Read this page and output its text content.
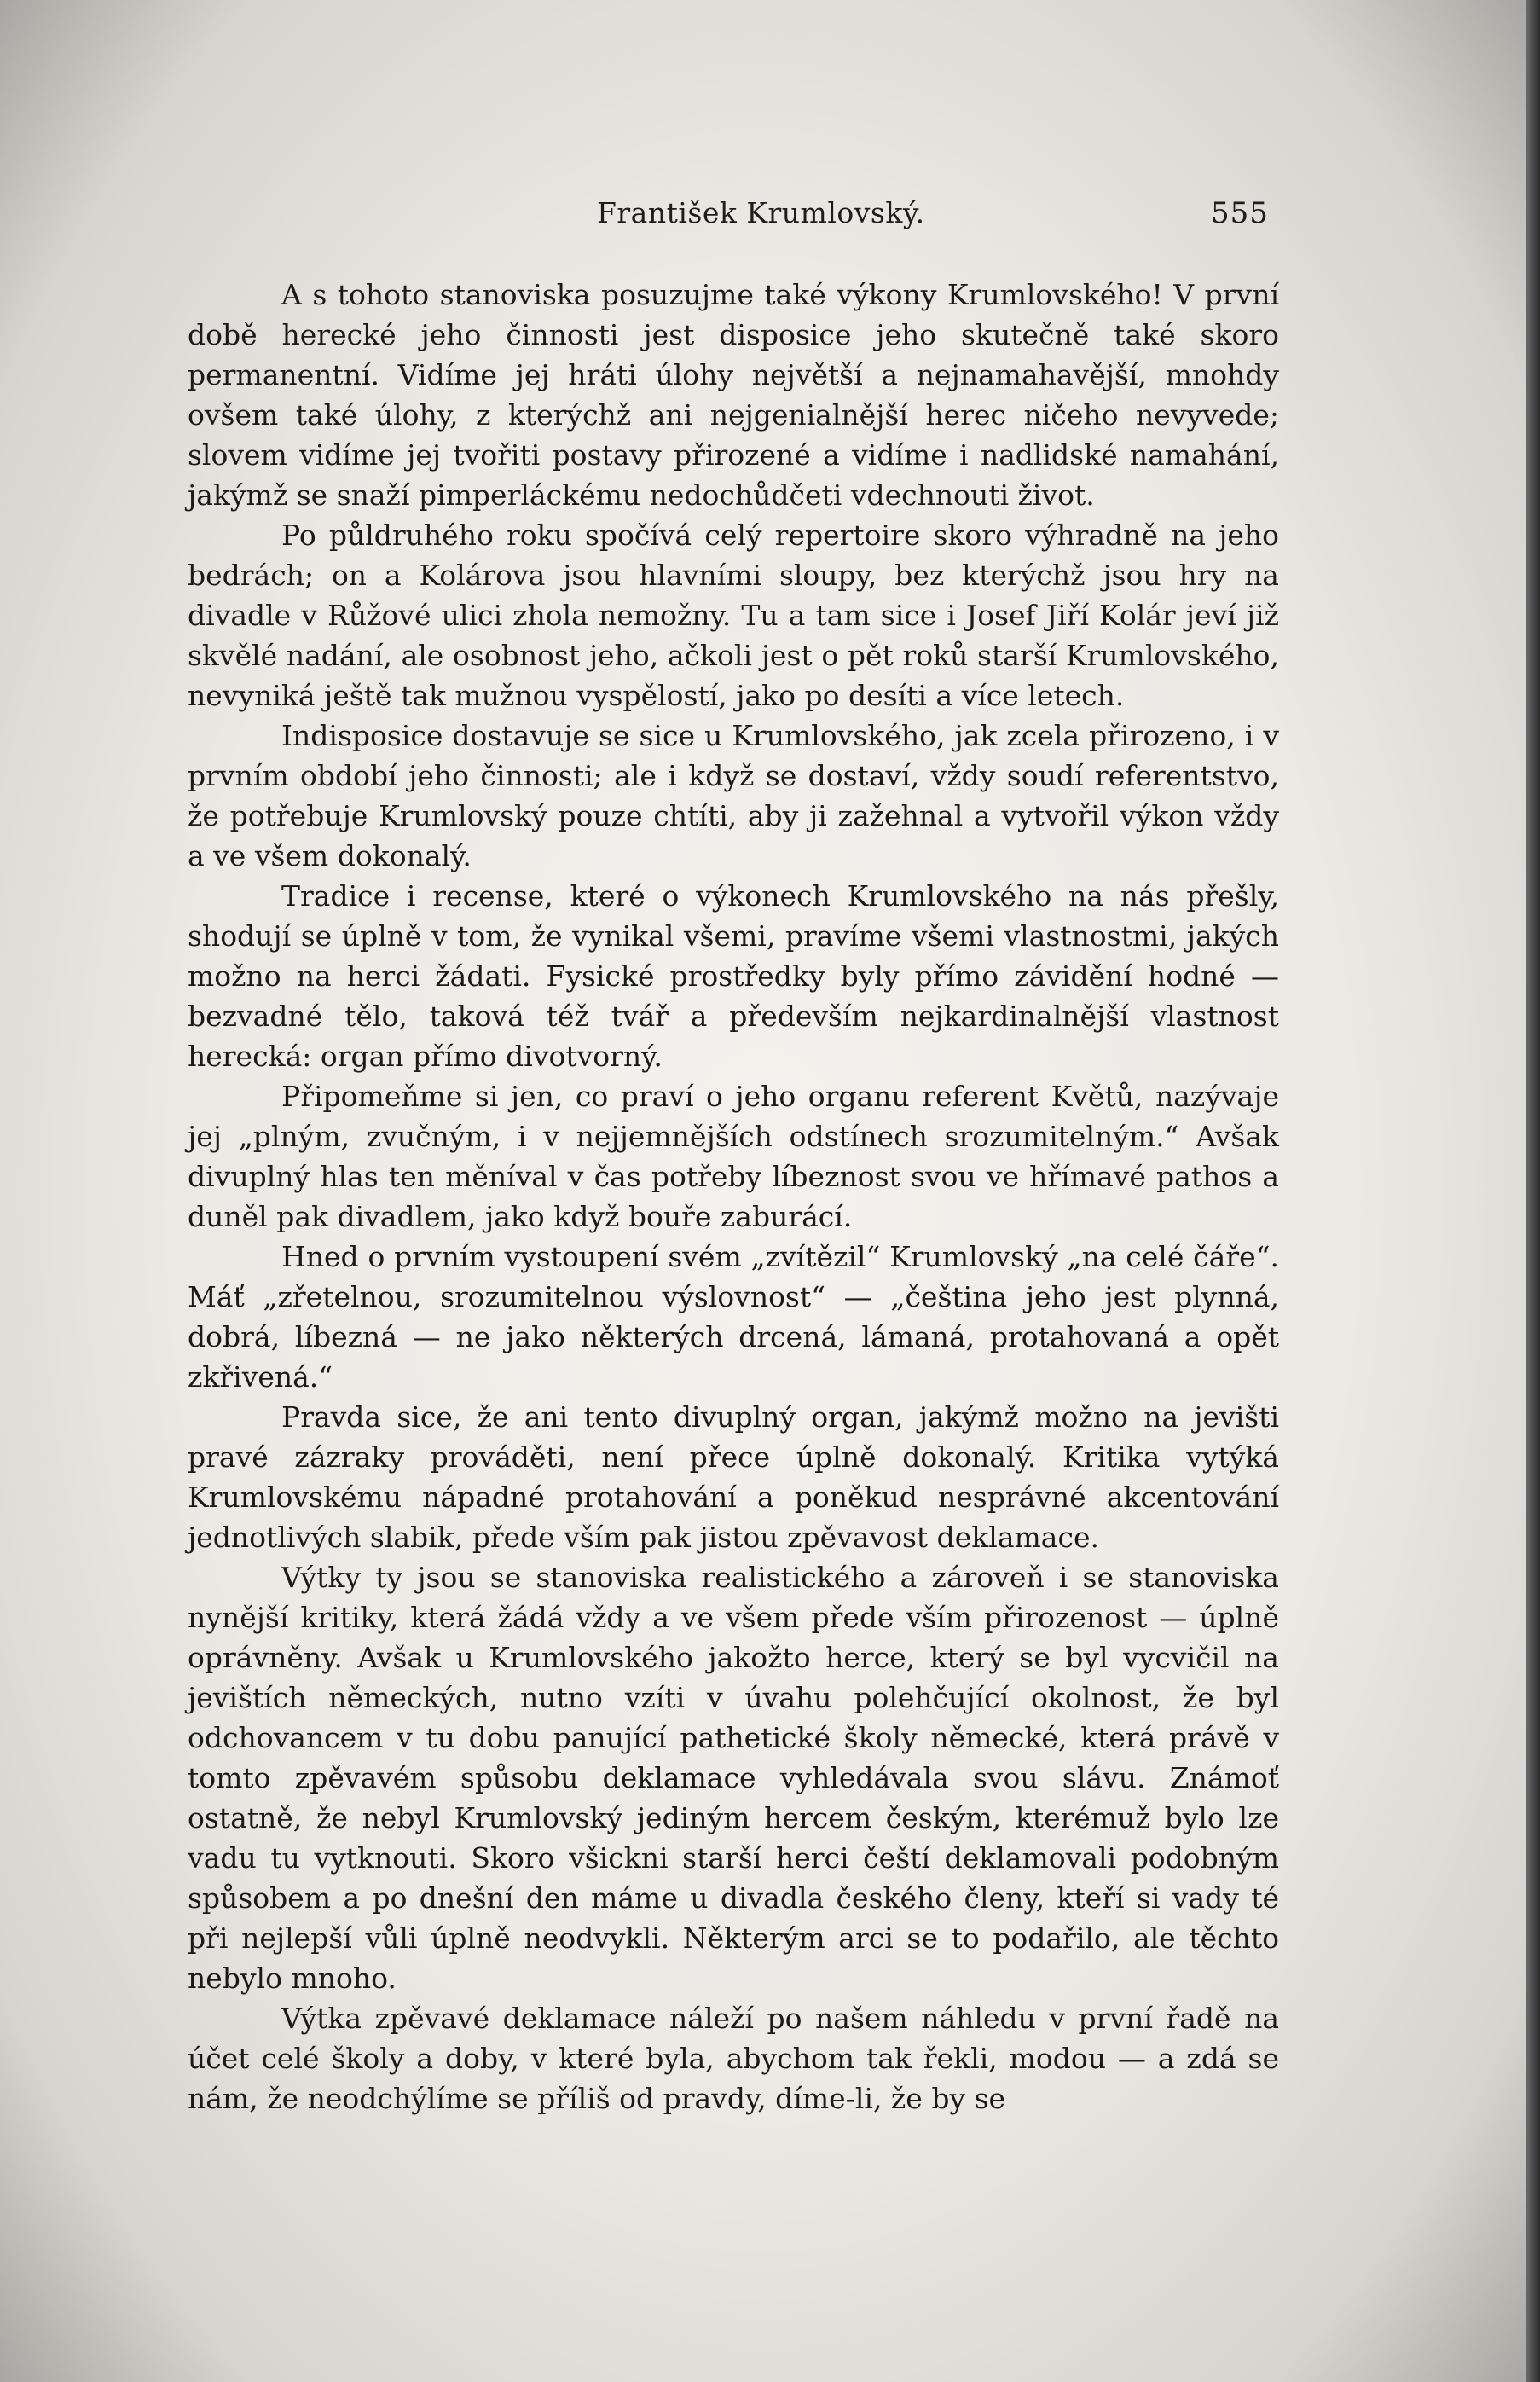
František Krumlovský.	555

A s tohoto stanoviska posuzujme také výkony Krumlovského! V první době herecké jeho činnosti jest disposice jeho skutečně také skoro permanentní. Vidíme jej hráti úlohy největší a nejnamahavější, mnohdy ovšem také úlohy, z kterýchž ani nejgenialnější herec ničeho nevyvede; slovem vidíme jej tvořiti postavy přirozené a vidíme i nadlidské namahání, jakýmž se snaží pimperláckému nedochůdčeti vdechnouti život.

Po půldruhého roku spočívá celý repertoire skoro výhradně na jeho bedrách; on a Kolárova jsou hlavními sloupy, bez kterýchž jsou hry na divadle v Růžové ulici zhola nemožny. Tu a tam sice i Josef Jiří Kolár jeví již skvělé nadání, ale osobnost jeho, ačkoli jest o pět roků starší Krumlovského, nevyniká ještě tak mužnou vyspělostí, jako po desíti a více letech.

Indisposice dostavuje se sice u Krumlovského, jak zcela přirozeno, i v prvním období jeho činnosti; ale i když se dostaví, vždy soudí referentstvo, že potřebuje Krumlovský pouze chtíti, aby ji zažehnal a vytvořil výkon vždy a ve všem dokonalý.

Tradice i recense, které o výkonech Krumlovského na nás přešly, shodují se úplně v tom, že vynikal všemi, pravíme všemi vlastnostmi, jakých možno na herci žádati. Fysické prostředky byly přímo závidění hodné — bezvadné tělo, taková též tvář a především nejkardinalnější vlastnost herecká: organ přímo divotvorný.

Připomeňme si jen, co praví o jeho organu referent Květů, nazývaje jej „plným, zvučným, i v nejjemnějších odstínech srozumitelným.“ Avšak divuplný hlas ten měníval v čas potřeby líbeznost svou ve hřímavé pathos a duněl pak divadlem, jako když bouře zaburácí.

Hned o prvním vystoupení svém „zvítězil“ Krumlovský „na celé čáře“. Máť „zřetelnou, srozumitelnou výslovnost“ — „čeština jeho jest plynná, dobrá, líbezná — ne jako některých drcená, lámaná, protahovaná a opět zkřivená.“

Pravda sice, že ani tento divuplný organ, jakýmž možno na jevišti pravé zázraky prováděti, není přece úplně dokonalý. Kritika vytýká Krumlovskému nápadné protahování a poněkud nesprávné akcentování jednotlivých slabik, přede vším pak jistou zpěvavost deklamace.

Výtky ty jsou se stanoviska realistického a zároveň i se stanoviska nynější kritiky, která žádá vždy a ve všem přede vším přirozenost — úplně oprávněny. Avšak u Krumlovského jakožto herce, který se byl vycvičil na jevištích německých, nutno vzíti v úvahu polehčující okolnost, že byl odchovancem v tu dobu panující pathetické školy německé, která právě v tomto zpěvavém spůsobu deklamace vyhledávala svou slávu. Známoť ostatně, že nebyl Krumlovský jediným hercem českým, kterémuž bylo lze vadu tu vytknouti. Skoro všickni starší herci čeští deklamovali podobným spůsobem a po dnešní den máme u divadla českého členy, kteří si vady té při nejlepší vůli úplně neodvykli. Některým arci se to podařilo, ale těchto nebylo mnoho.

Výtka zpěvavé deklamace náleží po našem náhledu v první řadě na účet celé školy a doby, v které byla, abychom tak řekli, modou — a zdá se nám, že neodchýlíme se příliš od pravdy, díme-li, že by se
